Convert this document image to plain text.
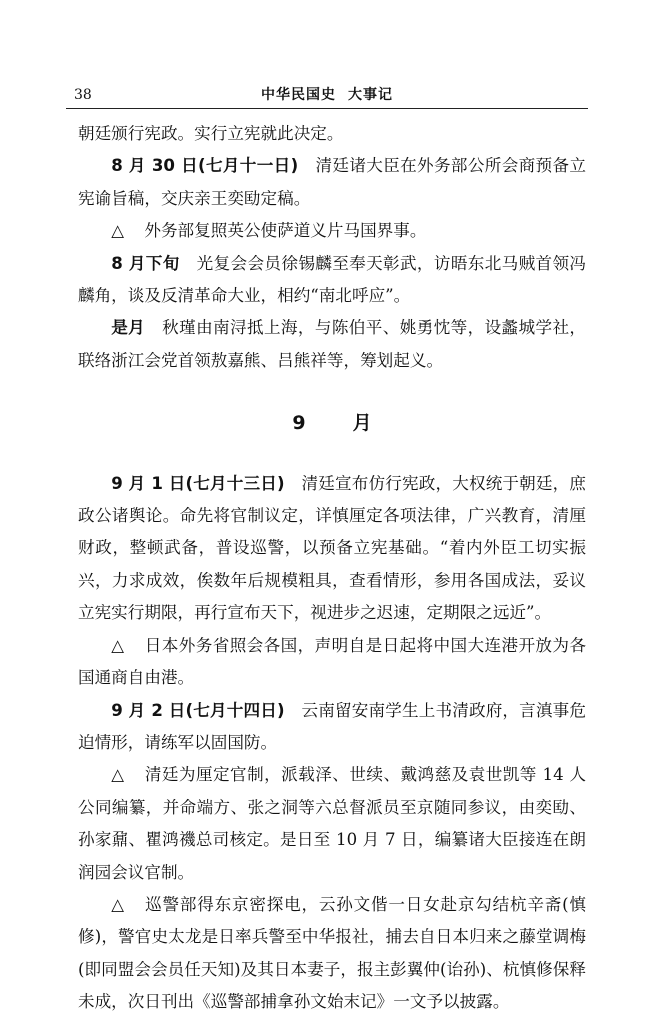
38	中华民国史 大事记

朝廷颁行宪政。实行立宪就此决定。

8 月 30 日(七月十一日)　 清廷诸大臣在外务部公所会商预备立宪谕旨稿，交庆亲王奕劻定稿。

△ 外务部复照英公使萨道义片马国界事。

8 月下旬　 光复会会员徐锡麟至奉天彰武，访晤东北马贼首领冯麟角，谈及反清革命大业，相约“南北呼应”。

是月　 秋瑾由南浔抵上海，与陈伯平、姚勇忱等，设蠡城学社，联络浙江会党首领敖嘉熊、吕熊祥等，筹划起义。

9　月

9 月 1 日(七月十三日)　 清廷宣布仿行宪政，大权统于朝廷，庶政公诸舆论。命先将官制议定，详慎厘定各项法律，广兴教育，清厘财政，整顿武备，普设巡警，以预备立宪基础。“着内外臣工切实振兴，力求成效，俟数年后规模粗具，查看情形，参用各国成法，妥议立宪实行期限，再行宣布天下，视进步之迟速，定期限之远近”。

△ 日本外务省照会各国，声明自是日起将中国大连港开放为各国通商自由港。

9 月 2 日(七月十四日)　 云南留安南学生上书清政府，言滇事危迫情形，请练军以固国防。

△ 清廷为厘定官制，派载泽、世续、戴鸿慈及袁世凯等 14 人公同编纂，并命端方、张之洞等六总督派员至京随同参议，由奕劻、孙家鼐、瞿鸿禨总司核定。是日至 10 月 7 日，编纂诸大臣接连在朗润园会议官制。

△ 巡警部得东京密探电，云孙文偕一日女赴京勾结杭辛斋(慎修)，警官史太龙是日率兵警至中华报社，捕去自日本归来之藤堂调梅(即同盟会会员任天知)及其日本妻子，报主彭翼仲(诒孙)、杭慎修保释未成，次日刊出《巡警部捕拿孙文始末记》一文予以披露。
